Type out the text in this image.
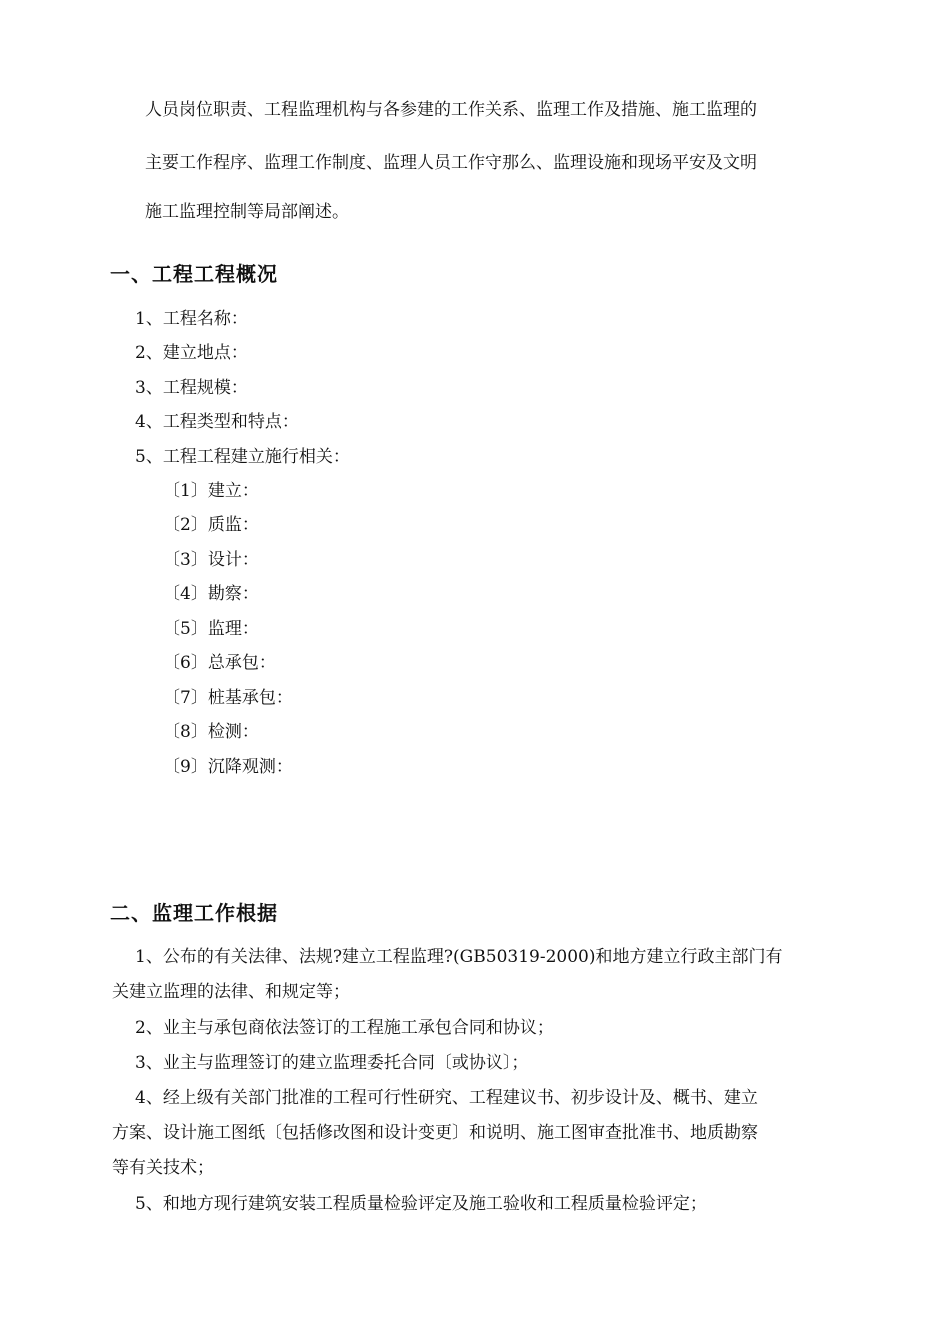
人员岗位职责、工程监理机构与各参建的工作关系、监理工作及措施、施工监理的
主要工作程序、监理工作制度、监理人员工作守那么、监理设施和现场平安及文明
施工监理控制等局部阐述。
一、工程工程概况
1、工程名称：
2、建立地点：
3、工程规模：
4、工程类型和特点：
5、工程工程建立施行相关：
〔1〕建立：
〔2〕质监：
〔3〕设计：
〔4〕勘察：
〔5〕监理：
〔6〕总承包：
〔7〕桩基承包：
〔8〕检测：
〔9〕沉降观测：
二、监理工作根据
1、公布的有关法律、法规?建立工程监理?(GB50319-2000)和地方建立行政主部门有
关建立监理的法律、和规定等；
2、业主与承包商依法签订的工程施工承包合同和协议；
3、业主与监理签订的建立监理委托合同〔或协议〕；
4、经上级有关部门批准的工程可行性研究、工程建议书、初步设计及、概书、建立
方案、设计施工图纸〔包括修改图和设计变更〕和说明、施工图审查批准书、地质勘察
等有关技术；
5、和地方现行建筑安装工程质量检验评定及施工验收和工程质量检验评定；
